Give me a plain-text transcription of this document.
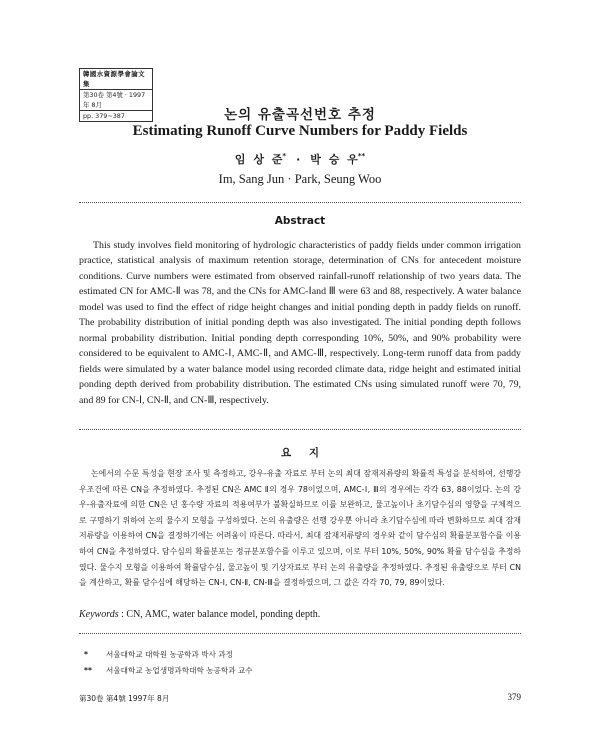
韓國水資源學會論文集
第30卷 第4號 · 1997年 8月
pp. 379~387	논의 유출곡선번호 추정
Estimating Runoff Curve Numbers for Paddy Fields
임 상 준* · 박 승 우**
Im, Sang Jun · Park, Seung Woo
Abstract

This study involves field monitoring of hydrologic characteristics of paddy fields under common irrigation practice, statistical analysis of maximum retention storage, determination of CNs for antecedent moisture conditions. Curve numbers were estimated from observed rainfall-runoff relationship of two years data. The estimated CN for AMC-Ⅱ was 78, and the CNs for AMC-Ⅰand Ⅲ were 63 and 88, respectively. A water balance model was used to find the effect of ridge height changes and initial ponding depth in paddy fields on runoff. The probability distribution of initial ponding depth was also investigated. The initial ponding depth follows normal probability distribution. Initial ponding depth corresponding 10%, 50%, and 90% probability were considered to be equivalent to AMC-Ⅰ, AMC-Ⅱ, and AMC-Ⅲ, respectively. Long-term runoff data from paddy fields were simulated by a water balance model using recorded climate data, ridge height and estimated initial ponding depth derived from probability distribution. The estimated CNs using simulated runoff were 70, 79, and 89 for CN-Ⅰ, CN-Ⅱ, and CN-Ⅲ, respectively.

요 지

논에서의 수문 특성을 현장 조사 및 측정하고, 강우-유출 자료로 부터 논의 최대 잠재저류량의 확률적 특성을 분석하여, 선행강우조건에 따른 CN을 추정하였다. 추정된 CN은 AMC Ⅱ의 경우 78이었으며, AMC-Ⅰ, Ⅲ의 경우에는 각각 63, 88이었다. 논의 강우-유출자료에 의한 CN은 년 홍수량 자료의 적용여부가 불확실하므로 이를 보완하고, 물고높이나 초기담수심의 영향을 구체적으로 구명하기 위하여 논의 물수지 모형을 구성하였다. 논의 유출량은 선행 강우뿐 아니라 초기담수심에 따라 변화하므로 최대 잠재저류량을 이용하여 CN을 결정하기에는 어려움이 따른다. 따라서, 최대 잠재저류량의 경우와 같이 담수심의 확률분포함수를 이용하여 CN을 추정하였다. 담수심의 확률분포는 정규분포함수를 이루고 있으며, 이로 부터 10%, 50%, 90% 확률 담수심을 추정하였다. 물수지 모형을 이용하여 확률담수심, 물고높이 및 기상자료로 부터 논의 유출량을 추정하였다. 추정된 유출량으로 부터 CN을 계산하고, 확률 담수심에 해당하는 CN-Ⅰ, CN-Ⅱ, CN-Ⅲ을 결정하였으며, 그 값은 각각 70, 79, 89이었다.

Keywords : CN, AMC, water balance model, ponding depth.
* 서울대학교 대학원 농공학과 박사 과정
** 서울대학교 농업생명과학대학 농공학과 교수
第30卷 第4號 1997年 8月	379
